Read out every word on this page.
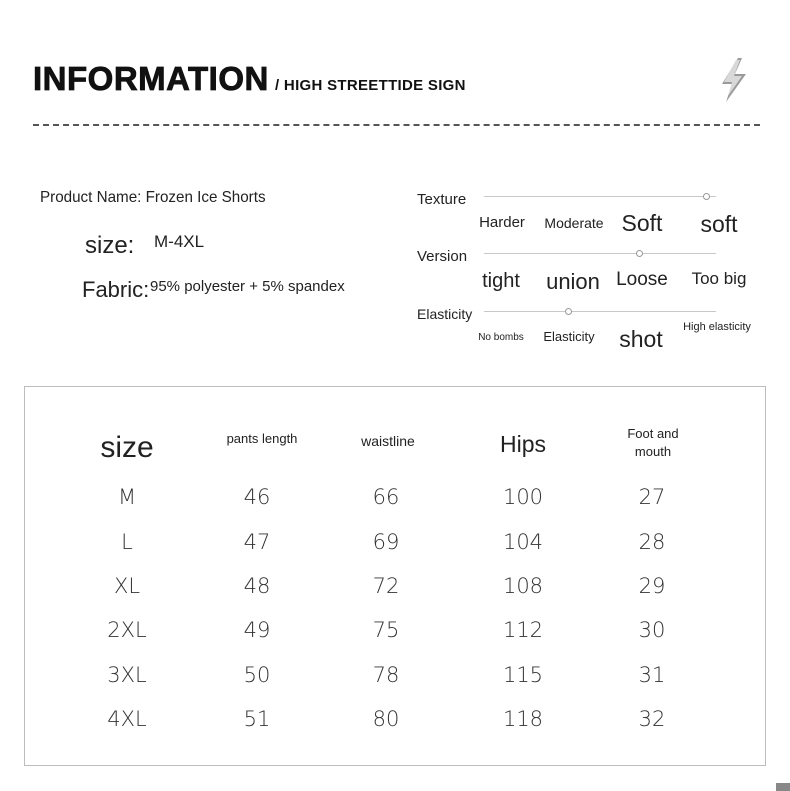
INFORMATION / HIGH STREETTIDE SIGN
Product Name: Frozen Ice Shorts
size: M-4XL
Fabric: 95% polyester + 5% spandex
Texture
Harder	Moderate Soft	soft
Version
tight	union Loose	Too big
Elasticity
No bombs	Elasticity	shot	High elasticity
size	pants length	waistline	Hips	Foot and mouth
M	46	66	100	27
L	47	69	104	28
XL	48	72	108	29
2XL	49	75	112	30
3XL	50	78	115	31
4XL	51	80	118	32
